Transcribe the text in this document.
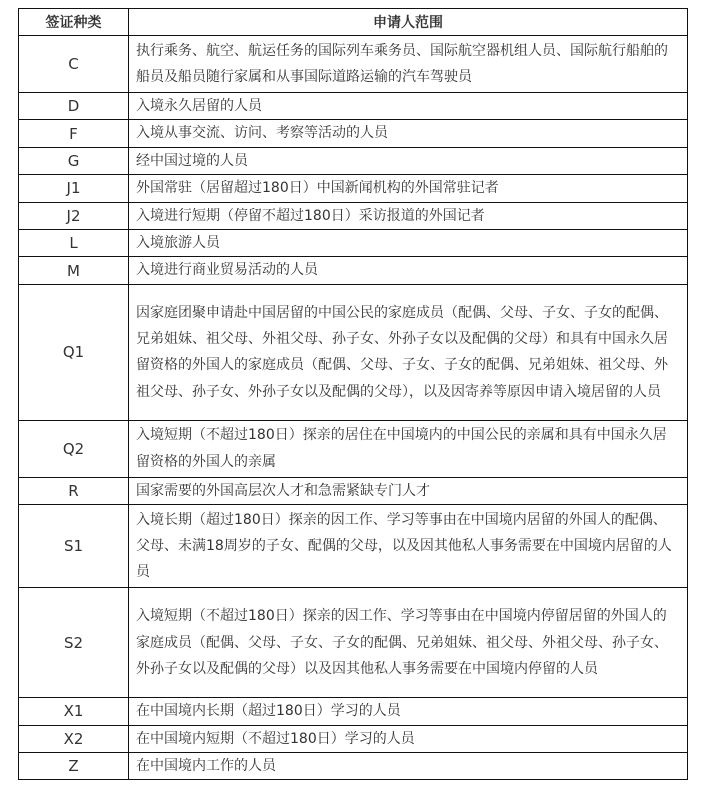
签证种类	申请人范围
C	执行乘务、航空、航运任务的国际列车乘务员、国际航空器机组人员、国际航行船舶的船员及船员随行家属和从事国际道路运输的汽车驾驶员
D	入境永久居留的人员
F	入境从事交流、访问、考察等活动的人员
G	经中国过境的人员
J1	外国常驻（居留超过180日）中国新闻机构的外国常驻记者
J2	入境进行短期（停留不超过180日）采访报道的外国记者
L	入境旅游人员
M	入境进行商业贸易活动的人员
Q1	因家庭团聚申请赴中国居留的中国公民的家庭成员（配偶、父母、子女、子女的配偶、兄弟姐妹、祖父母、外祖父母、孙子女、外孙子女以及配偶的父母）和具有中国永久居留资格的外国人的家庭成员（配偶、父母、子女、子女的配偶、兄弟姐妹、祖父母、外祖父母、孙子女、外孙子女以及配偶的父母），以及因寄养等原因申请入境居留的人员
Q2	入境短期（不超过180日）探亲的居住在中国境内的中国公民的亲属和具有中国永久居留资格的外国人的亲属
R	国家需要的外国高层次人才和急需紧缺专门人才
S1	入境长期（超过180日）探亲的因工作、学习等事由在中国境内居留的外国人的配偶、父母、未满18周岁的子女、配偶的父母，以及因其他私人事务需要在中国境内居留的人员
S2	入境短期（不超过180日）探亲的因工作、学习等事由在中国境内停留居留的外国人的家庭成员（配偶、父母、子女、子女的配偶、兄弟姐妹、祖父母、外祖父母、孙子女、外孙子女以及配偶的父母）以及因其他私人事务需要在中国境内停留的人员
X1	在中国境内长期（超过180日）学习的人员
X2	在中国境内短期（不超过180日）学习的人员
Z	在中国境内工作的人员
